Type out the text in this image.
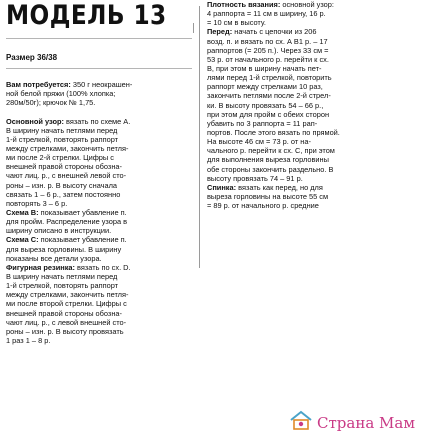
МОДЕЛЬ 13
Размер 36/38
Вам потребуется: 350 г неокрашен-
ной белой пряжи (100% хлопка;
280м/50г); крючок № 1,75.

Основной узор: вязать по схеме А.
В ширину начать петлями перед
1-й стрелкой, повторять раппорт
между стрелками, закончить петля-
ми после 2-й стрелки. Цифры с
внешней правой стороны обозна-
чают лиц. р., с внешней левой сто-
роны – изн. р. В высоту сначала
связать 1 – 6 р., затем постоянно
повторять 3 – 6 р.
Схема В: показывает убавление п.
для пройм. Распределение узора в
ширину описано в инструкции.
Схема С: показывает убавление п.
для выреза горловины. В ширину
показаны все детали узора.
Фигурная резинка: вязать по сх. D.
В ширину начать петлями перед
1-й стрелкой, повторять раппорт
между стрелками, закончить петля-
ми после второй стрелки. Цифры с
внешней правой стороны обозна-
чают лиц. р., с левой внешней сто-
роны – изн. р. В высоту провязать
1 раз 1 – 8 р.
Плотность вязания: основной узор:
4 раппорта = 11 см в ширину, 16 р.
= 10 см в высоту.
Перед: начать с цепочки из 206
возд. п. и вязать по сх. А В1 р. – 17
раппортов (= 205 п.). Через 33 см =
53 р. от начального р. перейти к сх.
В, при этом в ширину начать пет-
лями перед 1-й стрелкой, повторить
раппорт между стрелками 10 раз,
закончить петлями после 2-й стрел-
ки. В высоту провязать 54 – 66 р.,
при этом для пройм с обеих сторон
убавить по 3 раппорта = 11 рап-
портов. После этого вязать по прямой.
На высоте 46 см = 73 р. от на-
чального р. перейти к сх. С, при этом
для выполнения выреза горловины
обе стороны закончить раздельно. В
высоту провязать 74 – 91 р.
Спинка: вязать как перед, но для
выреза горловины на высоте 55 см
= 89 р. от начального р. средние
Страна Мам
